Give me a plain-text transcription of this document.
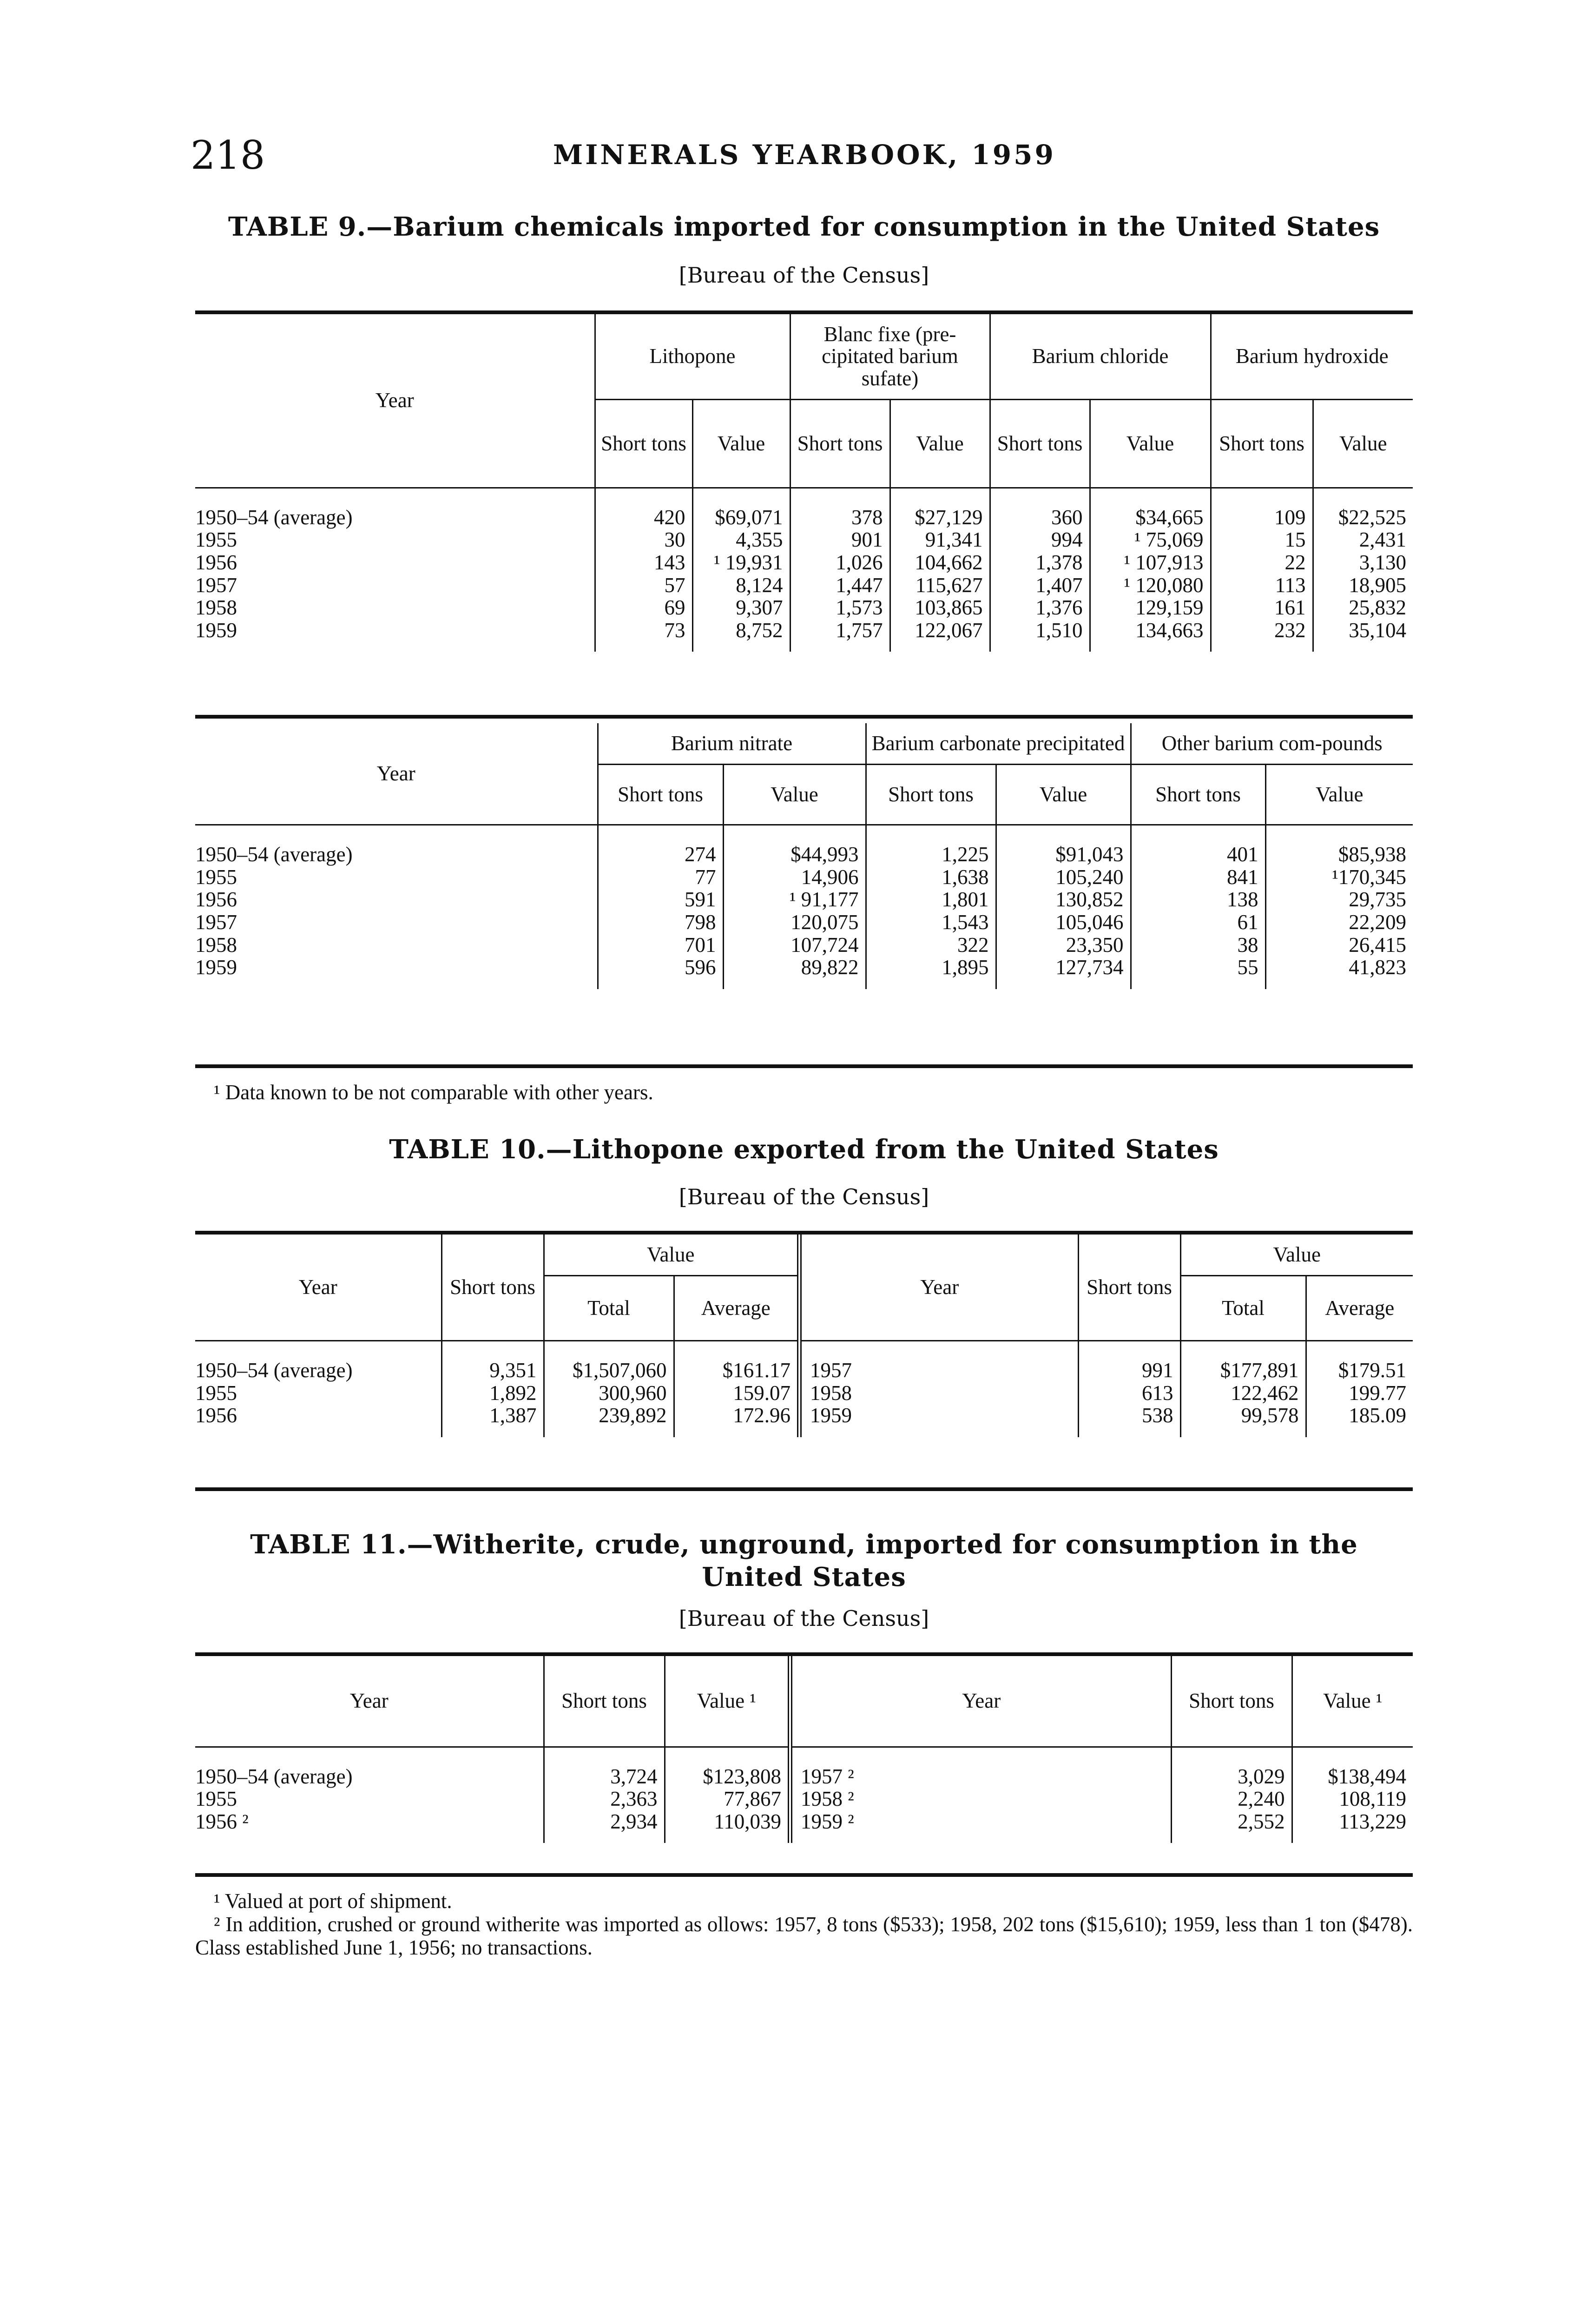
218	MINERALS YEARBOOK, 1959
TABLE 9.—Barium chemicals imported for consumption in the United States
[Bureau of the Census]
Year	Lithopone		Blanc fixe (pre-cipitated barium sufate)		Barium chloride		Barium hydroxide	
	Short tons	Value	Short tons	Value	Short tons	Value	Short tons	Value
1950–54 (average)	420	$69,071	378	$27,129	360	$34,665	109	$22,525
1955	30	4,355	901	91,341	994	¹ 75,069	15	2,431
1956	143	¹ 19,931	1,026	104,662	1,378	¹ 107,913	22	3,130
1957	57	8,124	1,447	115,627	1,407	¹ 120,080	113	18,905
1958	69	9,307	1,573	103,865	1,376	129,159	161	25,832
1959	73	8,752	1,757	122,067	1,510	134,663	232	35,104
Year	Barium nitrate		Barium carbonate precipitated		Other barium com-pounds	
	Short tons	Value	Short tons	Value	Short tons	Value
1950–54 (average)	274	$44,993	1,225	$91,043	401	$85,938
1955	77	14,906	1,638	105,240	841	¹170,345
1956	591	¹ 91,177	1,801	130,852	138	29,735
1957	798	120,075	1,543	105,046	61	22,209
1958	701	107,724	322	23,350	38	26,415
1959	596	89,822	1,895	127,734	55	41,823
¹ Data known to be not comparable with other years.
TABLE 10.—Lithopone exported from the United States
[Bureau of the Census]
Year	Short tons	Value		Year	Short tons	Value	
		Total	Average			Total	Average
1950–54 (average)	9,351	$1,507,060	$161.17	1957	991	$177,891	$179.51
1955	1,892	300,960	159.07	1958	613	122,462	199.77
1956	1,387	239,892	172.96	1959	538	99,578	185.09
TABLE 11.—Witherite, crude, unground, imported for consumption in the
United States
[Bureau of the Census]
Year	Short tons	Value ¹	Year	Short tons	Value ¹
1950–54 (average)	3,724	$123,808	1957 ²	3,029	$138,494
1955	2,363	77,867	1958 ²	2,240	108,119
1956 ²	2,934	110,039	1959 ²	2,552	113,229
¹ Valued at port of shipment.
² In addition, crushed or ground witherite was imported as ollows: 1957, 8 tons ($533); 1958, 202 tons ($15,610); 1959, less than 1 ton ($478). Class established June 1, 1956; no transactions.
